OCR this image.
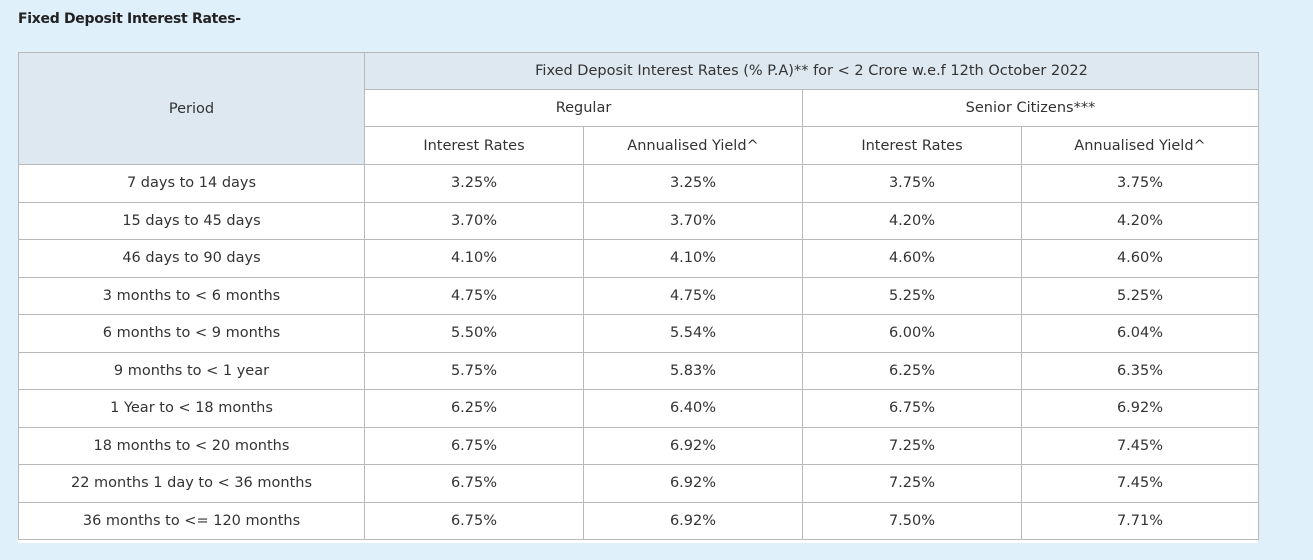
Fixed Deposit Interest Rates-
Period	Fixed Deposit Interest Rates (% P.A)** for < 2 Crore w.e.f 12th October 2022			
	Regular		Senior Citizens***	
	Interest Rates	Annualised Yield^	Interest Rates	Annualised Yield^
7 days to 14 days	3.25%	3.25%	3.75%	3.75%
15 days to 45 days	3.70%	3.70%	4.20%	4.20%
46 days to 90 days	4.10%	4.10%	4.60%	4.60%
3 months to < 6 months	4.75%	4.75%	5.25%	5.25%
6 months to < 9 months	5.50%	5.54%	6.00%	6.04%
9 months to < 1 year	5.75%	5.83%	6.25%	6.35%
1 Year to < 18 months	6.25%	6.40%	6.75%	6.92%
18 months to < 20 months	6.75%	6.92%	7.25%	7.45%
22 months 1 day to < 36 months	6.75%	6.92%	7.25%	7.45%
36 months to <= 120 months	6.75%	6.92%	7.50%	7.71%
